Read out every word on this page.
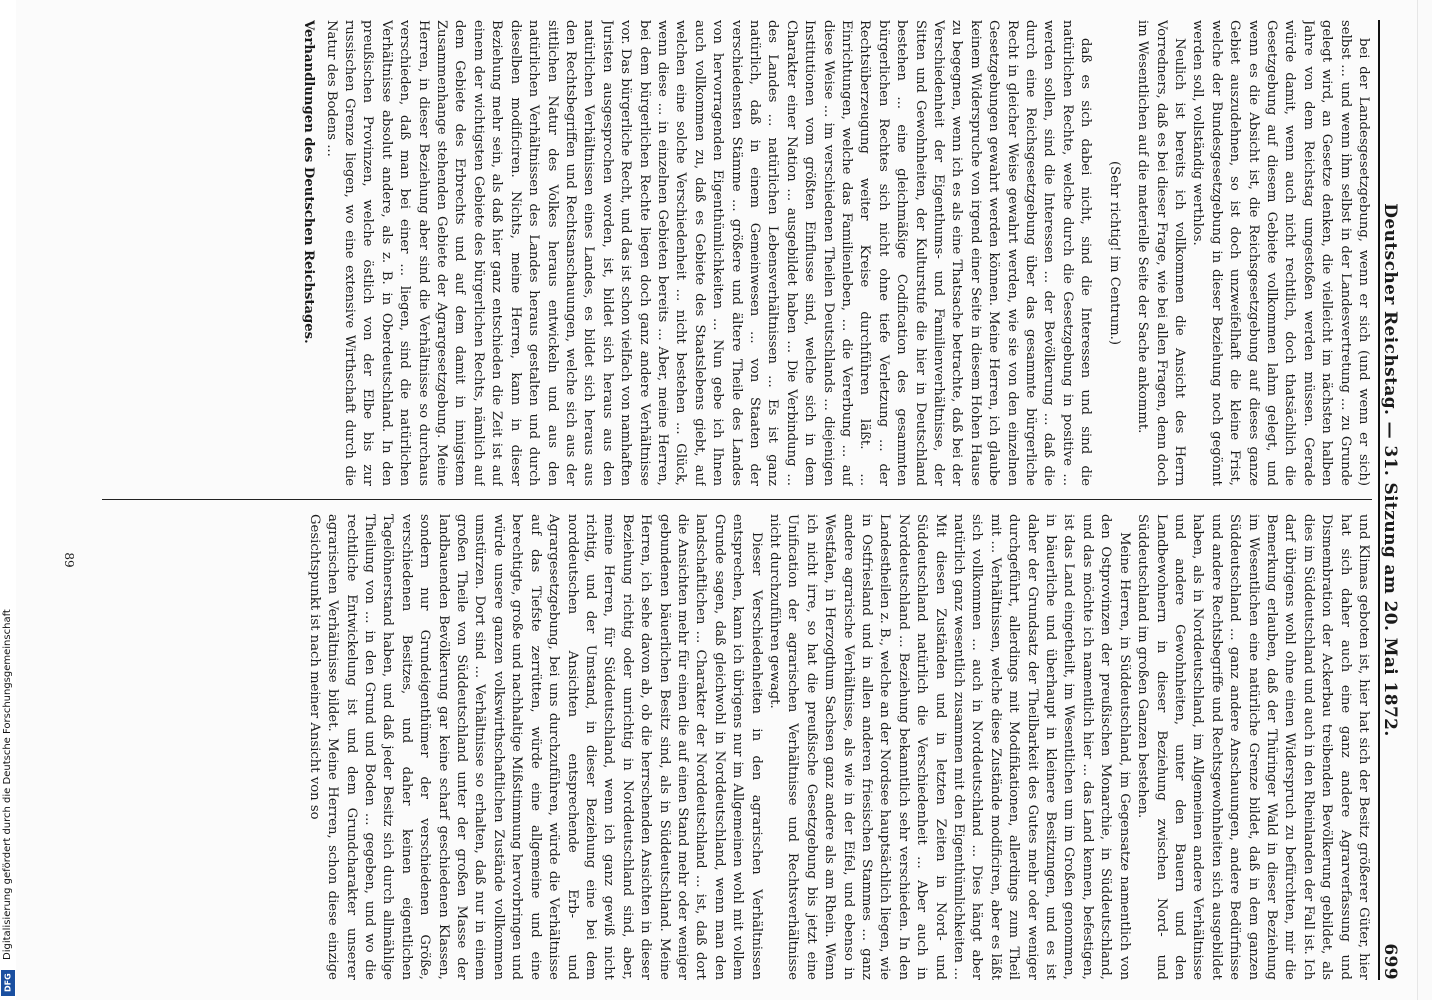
Deutscher Reichstag. — 31. Sitzung am 20. Mai 1872.
699

bei der Landesgesetzgebung, wenn er sich (und wenn er sich) selbst ... und wenn ihm selbst in der Landesvertretung ... zu Grunde gelegt wird, an Gesetze denken, die vielleicht im nächsten halben Jahre von dem Reichstag umgestoßen werden müssen. Gerade würde damit, wenn auch nicht rechtlich, doch thatsächlich die Gesetzgebung auf diesem Gebiete vollkommen lahm gelegt, und wenn es die Absicht ist, die Reichsgesetzgebung auf dieses ganze Gebiet auszudehnen, so ist doch unzweifelhaft die kleine Frist, welche der Bundesgesetzgebung in dieser Beziehung noch gegönnt werden soll, vollständig werthlos.

Neulich ist bereits ich vollkommen die Ansicht des Herrn Vorredners, daß es bei dieser Frage, wie bei allen Fragen, denn doch im Wesentlichen auf die materielle Seite der Sache ankommt.

(Sehr richtig! im Centrum.)

daß es sich dabei nicht, sind die Interessen und sind die natürlichen Rechte, welche durch die Gesetzgebung in positive ... werden sollen, sind die Interessen ... der Bevölkerung ... daß die durch eine Reichsgesetzgebung über das gesammte bürgerliche Recht in gleicher Weise gewahrt werden, wie sie von den einzelnen Gesetzgebungen gewahrt werden können. Meine Herren, ich glaube keinem Widerspruche von irgend einer Seite in diesem Hohen Hause zu begegnen, wenn ich es als eine Thatsache betrachte, daß bei der Verschiedenheit der Eigenthums- und Familienverhältnisse, der Sitten und Gewohnheiten, der Kulturstufe die hier in Deutschland bestehen ... eine gleichmäßige Codification des gesammten bürgerlichen Rechtes sich nicht ohne tiefe Verletzung ... der Rechtsüberzeugung weiter Kreise durchführen läßt. ... Einrichtungen, welche das Familienleben, ... die Vererbung ... auf diese Weise ... im verschiedenen Theilen Deutschlands ... diejenigen Institutionen vom größten Einflusse sind, welche sich in dem Charakter einer Nation ... ausgebildet haben ... Die Verbindung ... des Landes ... natürlichen Lebensverhältnissen ... Es ist ganz natürlich, daß in einem Gemeinwesen ... von Staaten der verschiedensten Stämme ... größere und ältere Theile des Landes von hervorragenden Eigenthümlichkeiten ... Nun gebe ich Ihnen auch vollkommen zu, daß es Gebiete des Staatslebens giebt, auf welchen eine solche Verschiedenheit ... nicht bestehen ... Glück, wenn diese ... in einzelnen Gebieten bereits ... Aber, meine Herren, bei dem bürgerlichen Rechte liegen doch ganz andere Verhältnisse vor. Das bürgerliche Recht, und das ist schon vielfach von namhaften Juristen ausgesprochen worden, ist, bildet sich heraus aus den natürlichen Verhältnissen eines Landes, es bildet sich heraus aus den Rechtsbegriffen und Rechtsanschauungen, welche sich aus der sittlichen Natur des Volkes heraus entwickeln und aus den natürlichen Verhältnissen des Landes heraus gestalten und durch dieselben modificiren. Nichts, meine Herren, kann in dieser Beziehung mehr sein, als daß hier ganz entschieden die Zeit ist auf einem der wichtigsten Gebiete des bürgerlichen Rechts, nämlich auf dem Gebiete des Erbrechts und auf dem damit in innigstem Zusammenhange stehenden Gebiete der Agrargesetzgebung. Meine Herren, in dieser Beziehung aber sind die Verhältnisse so durchaus verschieden, daß man bei einer ... liegen, sind die natürlichen Verhältnisse absolut andere, als z. B. in Oberdeutschland. In den preußischen Provinzen, welche östlich von der Elbe bis zur russischen Grenze liegen, wo eine extensive Wirthschaft durch die Natur des Bodens ...

Verhandlungen des Deutschen Reichstages.

und Klimas geboten ist, hier hat sich der Besitz größerer Güter, hier hat sich daher auch eine ganz andere Agrarverfassung und Dismembration der Ackerbau treibenden Bevölkerung gebildet, als dies im Süddeutschland und auch in den Rheinlanden der Fall ist. Ich darf übrigens wohl ohne einen Widerspruch zu befürchten, mir die Bemerkung erlauben, daß der Thüringer Wald in dieser Beziehung im Wesentlichen eine natürliche Grenze bildet, daß in dem ganzen Süddeutschland ... ganz andere Anschauungen, andere Bedürfnisse und andere Rechtsbegriffe und Rechtsgewohnheiten sich ausgebildet haben, als in Norddeutschland, im Allgemeinen andere Verhältnisse und andere Gewohnheiten, unter den Bauern und den Landbewohnern in dieser Beziehung zwischen Nord- und Süddeutschland im großen Ganzen bestehen.

Meine Herren, in Süddeutschland, im Gegensatze namentlich von den Ostprovinzen der preußischen Monarchie, in Süddeutschland, und das möchte ich namentlich hier ... das Land kennen, befestigen, ist das Land eingetheilt, im Wesentlichen um im Großen genommen, in bäuerliche und überhaupt in kleinere Besitzungen, und es ist daher der Grundsatz der Theilbarkeit des Gutes mehr oder weniger durchgeführt, allerdings mit Modifikationen, allerdings zum Theil mit ... Verhältnissen, welche diese Zustände modificiren, aber es läßt sich vollkommen ... auch in Norddeutschland ... Dies hängt aber natürlich ganz wesentlich zusammen mit den Eigenthümlichkeiten ... Mit diesen Zuständen und in letzten Zeiten in Nord- und Süddeutschland natürlich die Verschiedenheit ... Aber auch in Norddeutschland ... Beziehung bekanntlich sehr verschieden. In den Landestheilen z. B., welche an der Nordsee hauptsächlich liegen, wie in Ostfriesland und in allen anderen friesischen Stammes ... ganz andere agrarische Verhältnisse, als wie in der Eifel, und ebenso in Westfalen, in Herzogthum Sachsen ganz andere als am Rhein. Wenn ich nicht irre, so hat die preußische Gesetzgebung bis jetzt eine Unification der agrarischen Verhältnisse und Rechtsverhältnisse nicht durchzuführen gewagt.

Dieser Verschiedenheiten in den agrarischen Verhältnissen entsprechen, kann ich übrigens nur im Allgemeinen wohl mit vollem Grunde sagen, daß gleichwohl in Norddeutschland, wenn man den landschaftlichen ... Charakter der Norddeutschland ... ist, daß dort die Ansichten mehr für einen die auf einen Stand mehr oder weniger gebundenen bäuerlichen Besitz sind, als in Süddeutschland. Meine Herren, ich sehe davon ab, ob die herrschenden Ansichten in dieser Beziehung richtig oder unrichtig in Norddeutschland sind, aber, meine Herren, für Süddeutschland, wenn ich ganz gewiß nicht richtig, und der Umstand, in dieser Beziehung eine bei dem norddeutschen Ansichten entsprechende Erb- und Agrargesetzgebung, bei uns durchzuführen, würde die Verhältnisse auf das Tiefste zerrütten, würde eine allgemeine und eine berechtigte, große und nachhaltige Mißstimmung hervorbringen und würde unsere ganzen volkswirthschaftlichen Zustände vollkommen umstürzen. Dort sind ... Verhältnisse so erhalten, daß nur in einem großen Theile von Süddeutschland unter der großen Masse der landbauenden Bevölkerung gar keine scharf geschiedenen Klassen, sondern nur Grundeigenthümer der verschiedenen Größe, verschiedenen Besitzes, und daher keinen eigentlichen Tagelöhnerstand haben, und daß jeder Besitz sich durch allmählige Theilung von ... in den Grund und Boden ... gegeben, und wo die rechtliche Entwickelung ist und dem Grundcharakter unserer agrarischen Verhältnisse bildet. Meine Herren, schon diese einzige Gesichtspunkt ist nach meiner Ansicht von so

89
Digitalisierung gefördert durch die Deutsche Forschungsgemeinschaft
DFG
